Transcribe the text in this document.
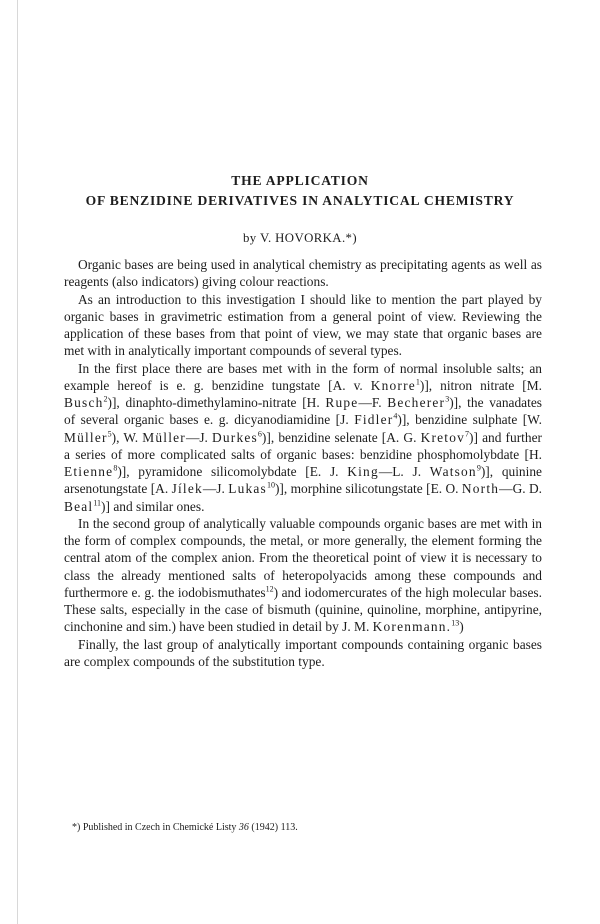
THE APPLICATION
OF BENZIDINE DERIVATIVES IN ANALYTICAL CHEMISTRY

by V. HOVORKA.*)

Organic bases are being used in analytical chemistry as precipitating agents as well as reagents (also indicators) giving colour reactions.

As an introduction to this investigation I should like to mention the part played by organic bases in gravimetric estimation from a general point of view. Reviewing the application of these bases from that point of view, we may state that organic bases are met with in analytically important compounds of several types.

In the first place there are bases met with in the form of normal insoluble salts; an example hereof is e. g. benzidine tungstate [A. v. Knorre$^1$)], nitron nitrate [M. Busch$^2$)], dinaphto-dimethylamino-nitrate [H. Rupe—F. Becherer$^3$)], the vanadates of several organic bases e. g. dicyanodiamidine [J. Fidler$^4$)], benzidine sulphate [W. Müller$^5$), W. Müller—J. Durkes$^6$)], benzidine selenate [A. G. Kretov$^7$)] and further a series of more complicated salts of organic bases: benzidine phosphomolybdate [H. Etienne$^8$)], pyramidone silicomolybdate [E. J. King—L. J. Watson$^9$)], quinine arsenotungstate [A. Jílek—J. Lukas$^{10}$)], morphine silicotungstate [E. O. North—G. D. Beal$^{11}$)] and similar ones.

In the second group of analytically valuable compounds organic bases are met with in the form of complex compounds, the metal, or more generally, the element forming the central atom of the complex anion. From the theoretical point of view it is necessary to class the already mentioned salts of heteropolyacids among these compounds and furthermore e. g. the iodobismuthates$^{12}$) and iodomercurates of the high molecular bases. These salts, especially in the case of bismuth (quinine, quinoline, morphine, antipyrine, cinchonine and sim.) have been studied in detail by J. M. Korenmann.$^{13}$)

Finally, the last group of analytically important compounds containing organic bases are complex compounds of the substitution type.

*) Published in Czech in Chemické Listy 36 (1942) 113.
